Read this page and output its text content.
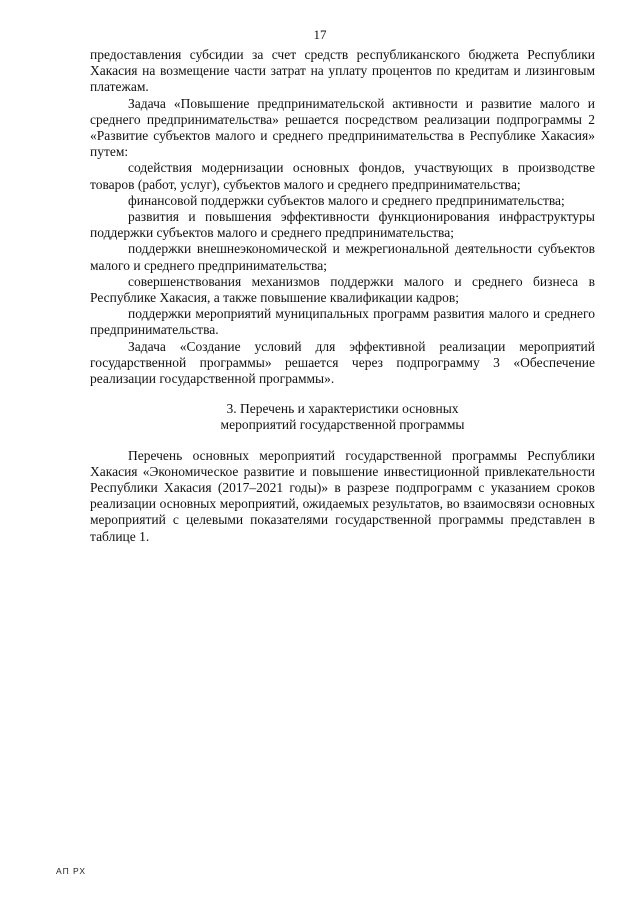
17

предоставления субсидии за счет средств республиканского бюджета Республики Хакасия на возмещение части затрат на уплату процентов по кредитам и лизинговым платежам.

Задача «Повышение предпринимательской активности и развитие малого и среднего предпринимательства» решается посредством реализации подпрограммы 2 «Развитие субъектов малого и среднего предпринимательства в Республике Хакасия» путем:

содействия модернизации основных фондов, участвующих в производстве товаров (работ, услуг), субъектов малого и среднего предпринимательства;

финансовой поддержки субъектов малого и среднего предпринимательства;

развития и повышения эффективности функционирования инфраструктуры поддержки субъектов малого и среднего предпринимательства;

поддержки внешнеэкономической и межрегиональной деятельности субъектов малого и среднего предпринимательства;

совершенствования механизмов поддержки малого и среднего бизнеса в Республике Хакасия, а также повышение квалификации кадров;

поддержки мероприятий муниципальных программ развития малого и среднего предпринимательства.

Задача «Создание условий для эффективной реализации мероприятий государственной программы» решается через подпрограмму 3 «Обеспечение реализации государственной программы».

3. Перечень и характеристики основных
мероприятий государственной программы

Перечень основных мероприятий государственной программы Республики Хакасия «Экономическое развитие и повышение инвестиционной привлекательности Республики Хакасия (2017–2021 годы)» в разрезе подпрограмм с указанием сроков реализации основных мероприятий, ожидаемых результатов, во взаимосвязи основных мероприятий с целевыми показателями государственной программы представлен в таблице 1.

АП РХ
